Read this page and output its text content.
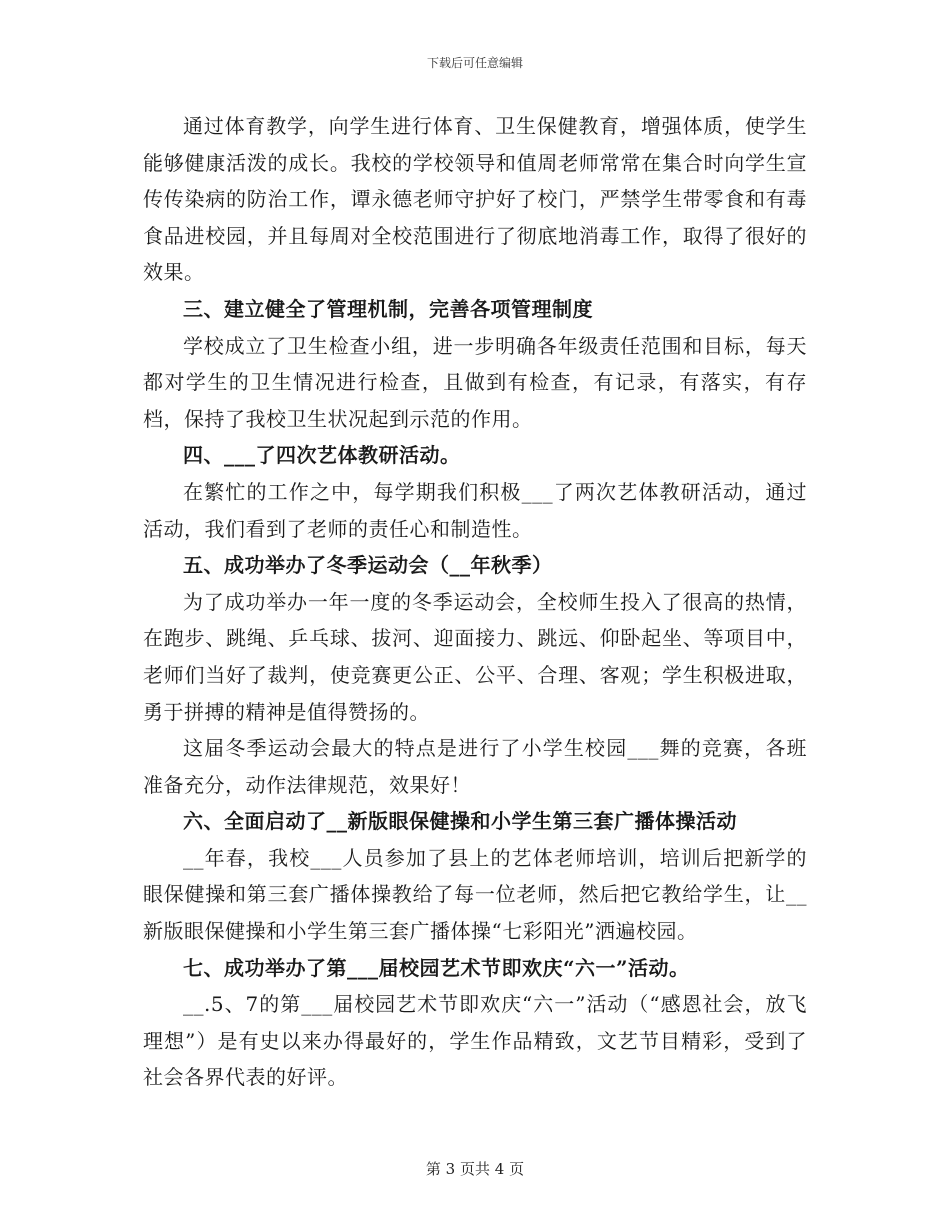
下载后可任意编辑

通过体育教学，向学生进行体育、卫生保健教育，增强体质，使学生能够健康活泼的成长。我校的学校领导和值周老师常常在集合时向学生宣传传染病的防治工作，谭永德老师守护好了校门，严禁学生带零食和有毒食品进校园，并且每周对全校范围进行了彻底地消毒工作，取得了很好的效果。

三、建立健全了管理机制，完善各项管理制度

学校成立了卫生检查小组，进一步明确各年级责任范围和目标，每天都对学生的卫生情况进行检查，且做到有检查，有记录，有落实，有存档，保持了我校卫生状况起到示范的作用。

四、___了四次艺体教研活动。

在繁忙的工作之中，每学期我们积极___了两次艺体教研活动，通过活动，我们看到了老师的责任心和制造性。

五、成功举办了冬季运动会（__年秋季）

为了成功举办一年一度的冬季运动会，全校师生投入了很高的热情，在跑步、跳绳、乒乓球、拔河、迎面接力、跳远、仰卧起坐、等项目中，老师们当好了裁判，使竞赛更公正、公平、合理、客观；学生积极进取，勇于拼搏的精神是值得赞扬的。

这届冬季运动会最大的特点是进行了小学生校园___舞的竞赛，各班准备充分，动作法律规范，效果好！

六、全面启动了__新版眼保健操和小学生第三套广播体操活动

__年春，我校___人员参加了县上的艺体老师培训，培训后把新学的眼保健操和第三套广播体操教给了每一位老师，然后把它教给学生，让__新版眼保健操和小学生第三套广播体操“七彩阳光”洒遍校园。

七、成功举办了第___届校园艺术节即欢庆“六一”活动。

__.5、7的第___届校园艺术节即欢庆“六一”活动（“感恩社会，放飞理想”）是有史以来办得最好的，学生作品精致，文艺节目精彩，受到了社会各界代表的好评。

第 3 页共 4 页
